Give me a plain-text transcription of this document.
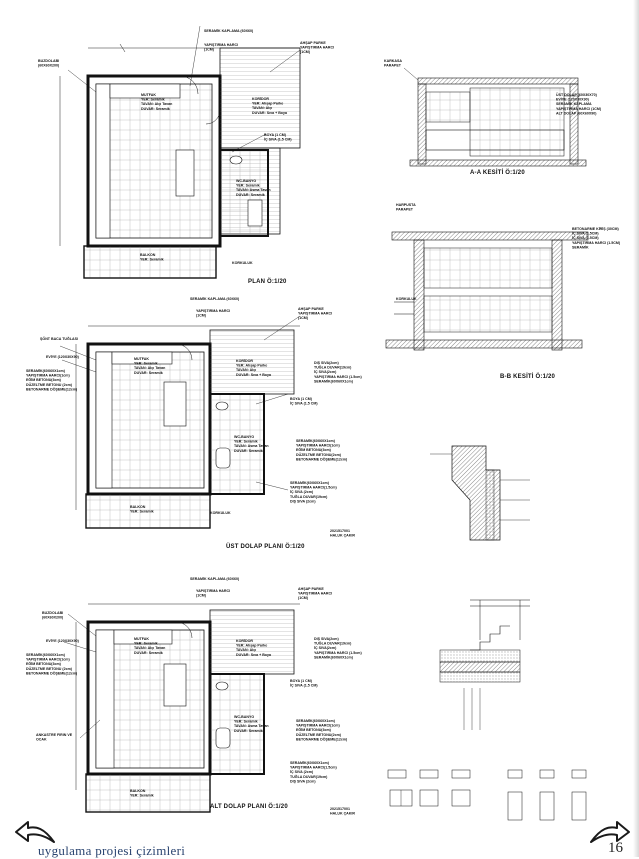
BUZDOLABI (60X60X200)
SERAMİK KAPLAMA (60X60)
YAPIŞTIRMA HARCI (1CM)
AHŞAP PARKE YAPIŞTIRMA HARCI (1CM)
MUTFAK YER: Seramik TAVAN: Alçı Tavan DUVAR: Seramik
KORİDOR YER: Ahşap Parke TAVAN: Alçı DUVAR: Sıva + Boya
BOYA (1 CM) İÇ SIVA (1.5 CM)
WC-BANYO YER: Seramik TAVAN: Asma Tavan DUVAR: Seramik
BALKON YER: Seramik
KORKULUK
PLAN Ö:1/20
ŞÖNT BACA TUĞLASI
EVİYE (120X30X90)
SERAMİK(60X60X1cm) YAPIŞTIRMA HARCI(1cm) EĞİM BETONU(3cm) DÜZELTME BETONU (2cm) BETONARME DÖŞEME(12cm)
SERAMİK KAPLAMA (60X60)
YAPIŞTIRMA HARCI (1CM)
AHŞAP PARKE YAPIŞTIRMA HARCI (1CM)
MUTFAK YER: Seramik TAVAN: Alçı Tavan DUVAR: Seramik
KORİDOR YER: Ahşap Parke TAVAN: Alçı DUVAR: Sıva + Boya
DIŞ SIVA(2cm) TUĞLA DUVAR(19cm) İÇ SIVA(2cm) YAPIŞTIRMA HARCI (1.5cm) SERAMİK(60X60X1cm)
BOYA (1 CM) İÇ SIVA (1.5 CM)
SERAMİK(60X60X1cm) YAPIŞTIRMA HARCI(1cm) EĞİM BETONU(3cm) DÜZELTME BETONU(2cm) BETONARME DÖŞEME(12cm)
WC-BANYO YER: Seramik TAVAN: Asma Tavan DUVAR: Seramik
SERAMİK(60X60X1cm) YAPIŞTIRMA HARCI(1.5cm) İÇ SIVA (2cm) TUĞLA DUVAR(19cm) DIŞ SIVA (2cm)
BALKON YER: Seramik	KORKULUK
ÜST DOLAP PLANI Ö:1/20
2021517001 HALUK ÇAKIR
BUZDOLABI (60X60X200)
EVİYE (120X30X90)
SERAMİK(60X60X1cm) YAPIŞTIRMA HARCI(1cm) EĞİM BETONU(3cm) DÜZELTME BETONU (2cm) BETONARME DÖŞEME(12cm)
ANKASTRE FIRIN VE OCAK
SERAMİK KAPLAMA (60X60)
YAPIŞTIRMA HARCI (1CM)
AHŞAP PARKE YAPIŞTIRMA HARCI (1CM)
MUTFAK YER: Seramik TAVAN: Alçı Tavan DUVAR: Seramik
KORİDOR YER: Ahşap Parke TAVAN: Alçı DUVAR: Sıva + Boya
DIŞ SIVA(2cm) TUĞLA DUVAR(19cm) İÇ SIVA(2cm) YAPIŞTIRMA HARCI (1.5cm) SERAMİK(60X60X1cm)
BOYA (1 CM) İÇ SIVA (1.5 CM)
SERAMİK(60X60X1cm) YAPIŞTIRMA HARCI(1cm) EĞİM BETONU(3cm) DÜZELTME BETONU(2cm) BETONARME DÖŞEME(12cm)
WC-BANYO YER: Seramik TAVAN: Asma Tavan DUVAR: Seramik
SERAMİK(60X60X1cm) YAPIŞTIRMA HARCI(1.5cm) İÇ SIVA (2cm) TUĞLA DUVAR(19cm) DIŞ SIVA (2cm)
BALKON YER: Seramik
ALT DOLAP PLANI Ö:1/20	2021517001 HALUK ÇAKIR
KARKASA PARAPET
ÜST DOLAP (60X30X70) EVİYE (120X30X90) SERAMİK KAPLAMA YAPIŞTIRMA HARCI (1CM) ALT DOLAP (60X60X90)
A-A KESİTİ Ö:1/20
HARPUSTA PARAPET
BETONARME KİRİŞ (30CM) İÇ SIVA (1.5CM) İÇ SIVA (1.5CM) YAPIŞTIRMA HARCI (1.5CM) SERAMİK
KORKULUK
B-B KESİTİ Ö:1/20
uygulama projesi çizimleri	16
